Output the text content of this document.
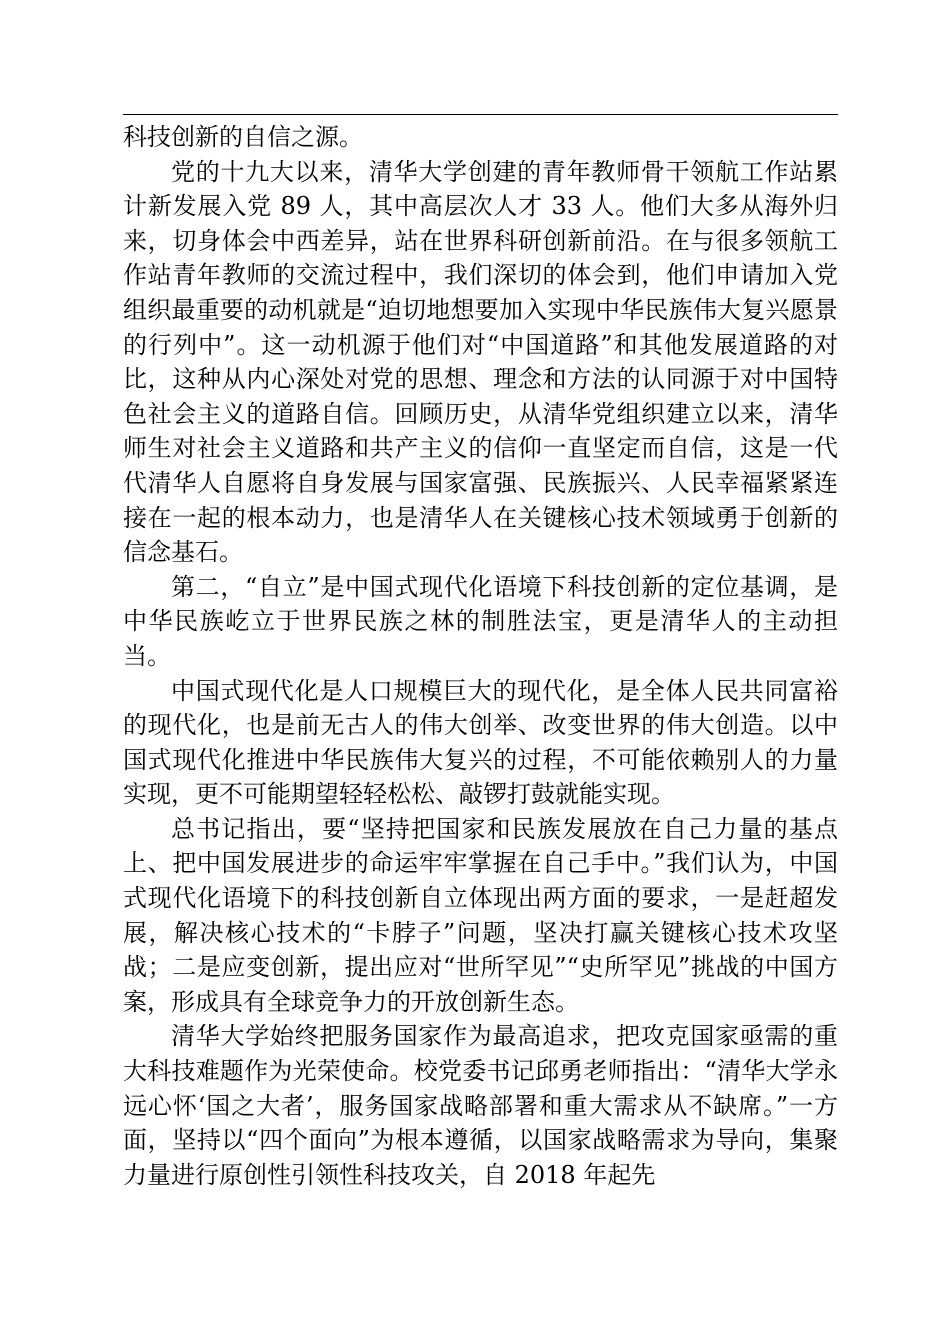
科技创新的自信之源。

党的十九大以来，清华大学创建的青年教师骨干领航工作站累计新发展入党 89 人，其中高层次人才 33 人。他们大多从海外归来，切身体会中西差异，站在世界科研创新前沿。在与很多领航工作站青年教师的交流过程中，我们深切的体会到，他们申请加入党组织最重要的动机就是“迫切地想要加入实现中华民族伟大复兴愿景的行列中”。这一动机源于他们对“中国道路”和其他发展道路的对比，这种从内心深处对党的思想、理念和方法的认同源于对中国特色社会主义的道路自信。回顾历史，从清华党组织建立以来，清华师生对社会主义道路和共产主义的信仰一直坚定而自信，这是一代代清华人自愿将自身发展与国家富强、民族振兴、人民幸福紧紧连接在一起的根本动力，也是清华人在关键核心技术领域勇于创新的信念基石。

第二，“自立”是中国式现代化语境下科技创新的定位基调，是中华民族屹立于世界民族之林的制胜法宝，更是清华人的主动担当。

中国式现代化是人口规模巨大的现代化，是全体人民共同富裕的现代化，也是前无古人的伟大创举、改变世界的伟大创造。以中国式现代化推进中华民族伟大复兴的过程，不可能依赖别人的力量实现，更不可能期望轻轻松松、敲锣打鼓就能实现。

总书记指出，要“坚持把国家和民族发展放在自己力量的基点上、把中国发展进步的命运牢牢掌握在自己手中。”我们认为，中国式现代化语境下的科技创新自立体现出两方面的要求，一是赶超发展，解决核心技术的“卡脖子”问题，坚决打赢关键核心技术攻坚战；二是应变创新，提出应对“世所罕见”“史所罕见”挑战的中国方案，形成具有全球竞争力的开放创新生态。

清华大学始终把服务国家作为最高追求，把攻克国家亟需的重大科技难题作为光荣使命。校党委书记邱勇老师指出：“清华大学永远心怀‘国之大者’，服务国家战略部署和重大需求从不缺席。”一方面，坚持以“四个面向”为根本遵循，以国家战略需求为导向，集聚力量进行原创性引领性科技攻关，自 2018 年起先
